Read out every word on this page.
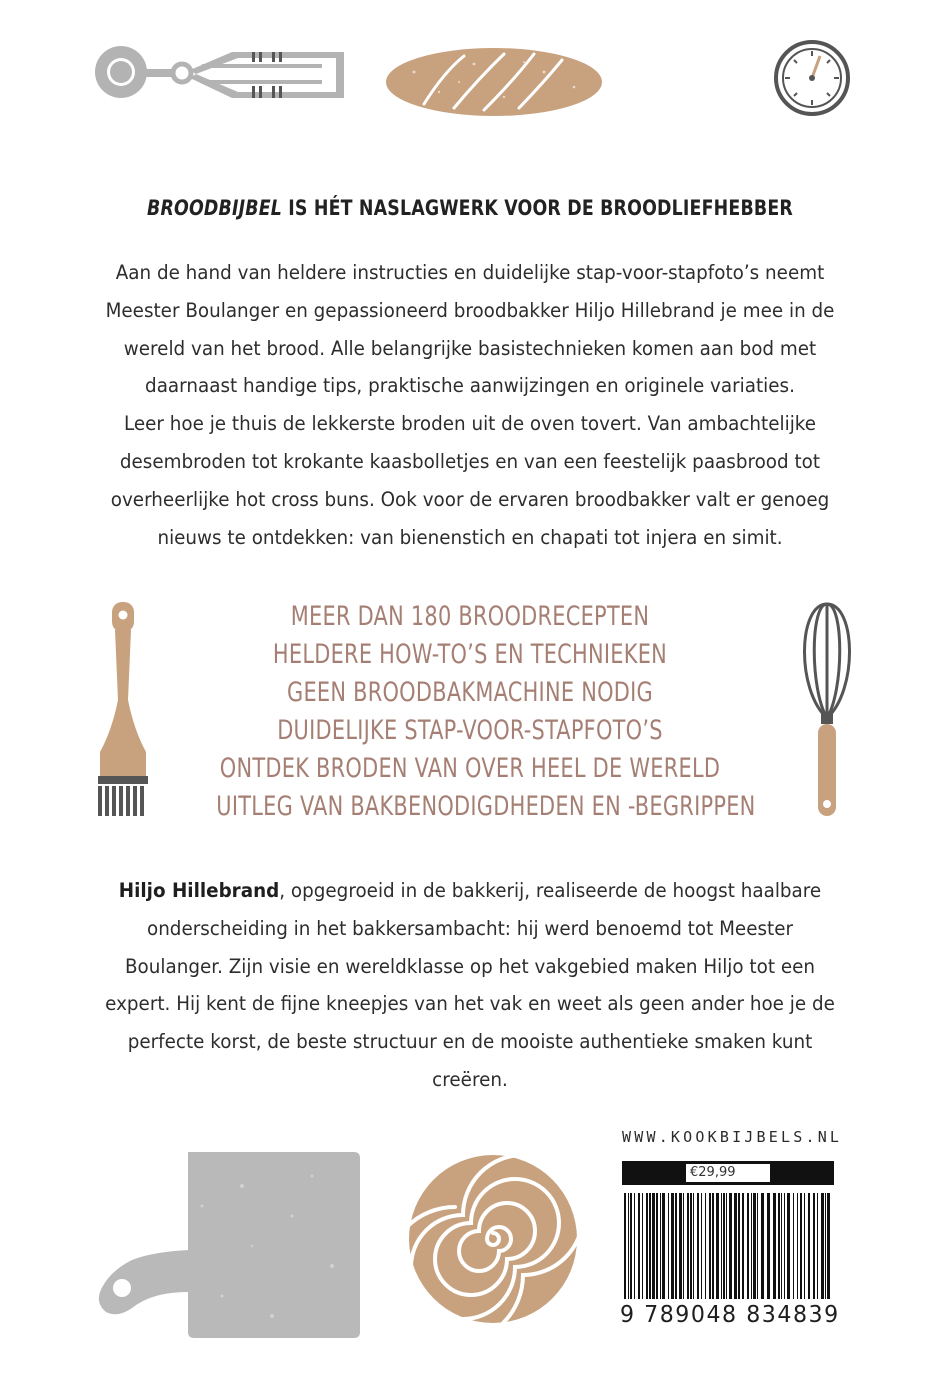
BROODBIJBEL IS HÉT NASLAGWERK VOOR DE BROODLIEFHEBBER

Aan de hand van heldere instructies en duidelijke stap-voor-stapfoto’s neemt Meester Boulanger en gepassioneerd broodbakker Hiljo Hillebrand je mee in de wereld van het brood. Alle belangrijke basistechnieken komen aan bod met daarnaast handige tips, praktische aanwijzingen en originele variaties.

Leer hoe je thuis de lekkerste broden uit de oven tovert. Van ambachtelijke desembroden tot krokante kaasbolletjes en van een feestelijk paasbrood tot overheerlijke hot cross buns. Ook voor de ervaren broodbakker valt er genoeg nieuws te ontdekken: van bienenstich en chapati tot injera en simit.

MEER DAN 180 BROODRECEPTEN
HELDERE HOW-TO’S EN TECHNIEKEN
GEEN BROODBAKMACHINE NODIG
DUIDELIJKE STAP-VOOR-STAPFOTO’S
ONTDEK BRODEN VAN OVER HEEL DE WERELD
UITLEG VAN BAKBENODIGDHEDEN EN -BEGRIPPEN
Hiljo Hillebrand, opgegroeid in de bakkerij, realiseerde de hoogst haalbare onderscheiding in het bakkersambacht: hij werd benoemd tot Meester Boulanger. Zijn visie en wereldklasse op het vakgebied maken Hiljo tot een expert. Hij kent de fijne kneepjes van het vak en weet als geen ander hoe je de perfecte korst, de beste structuur en de mooiste authentieke smaken kunt creëren.
WWW.KOOKBIJBELS.NL
€29,99
9 789048 834839
